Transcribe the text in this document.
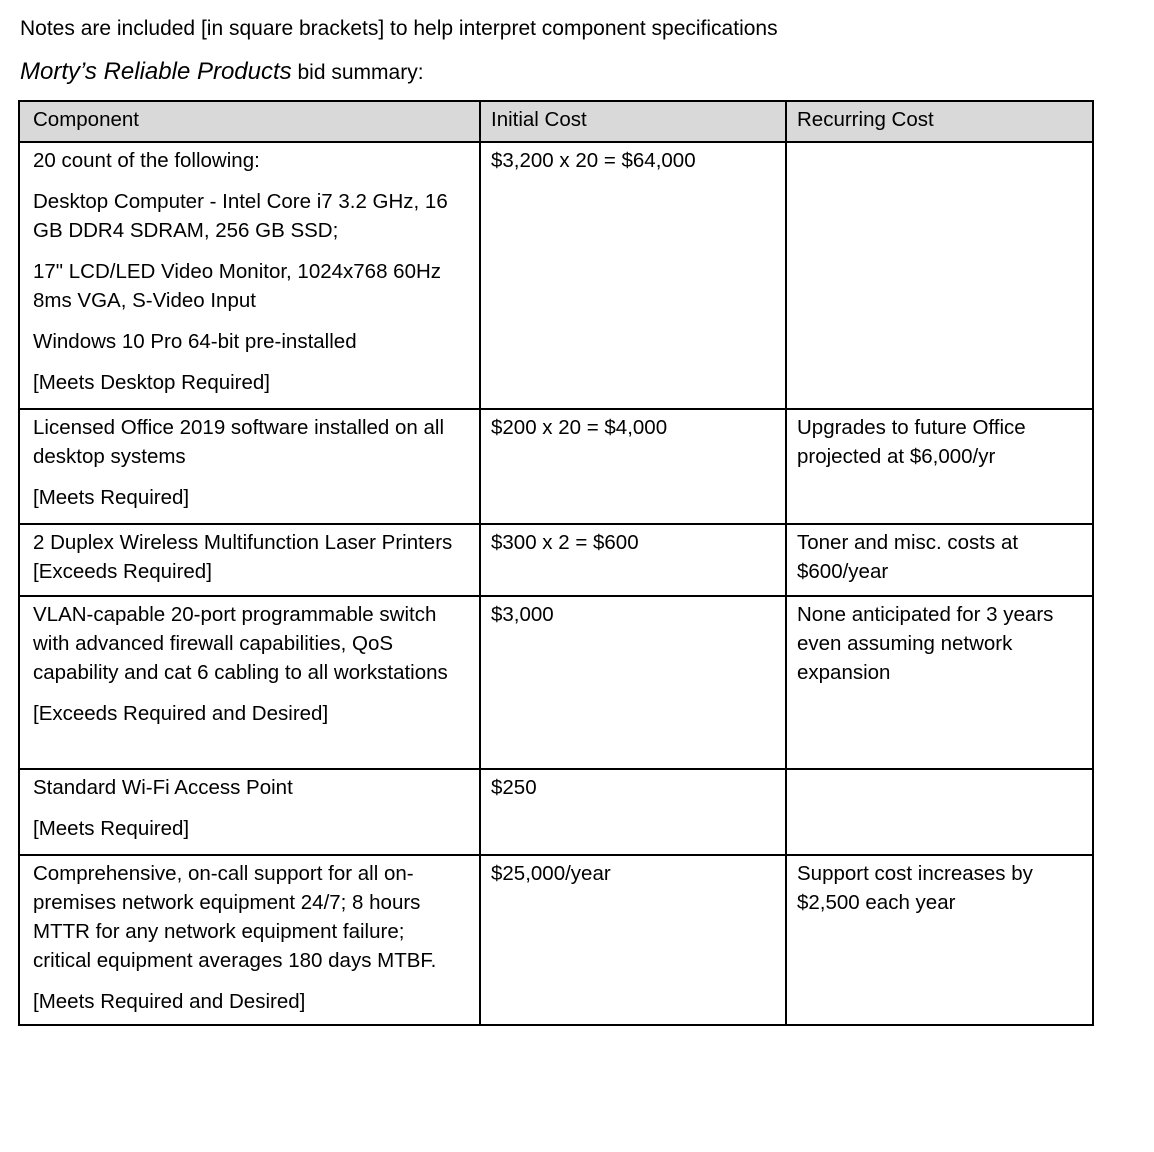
Notes are included [in square brackets] to help interpret component specifications
Morty’s Reliable Products bid summary:
Component	Initial Cost	Recurring Cost

20 count of the following:
Desktop Computer - Intel Core i7 3.2 GHz, 16 GB DDR4 SDRAM, 256 GB SSD;
17" LCD/LED Video Monitor, 1024x768 60Hz 8ms VGA, S-Video Input
Windows 10 Pro 64-bit pre-installed
[Meets Desktop Required]	$3,200 x 20 = $64,000	

Licensed Office 2019 software installed on all desktop systems
[Meets Required]	$200 x 20 = $4,000	Upgrades to future Office projected at $6,000/yr

2 Duplex Wireless Multifunction Laser Printers [Exceeds Required]	$300 x 2 = $600	Toner and misc. costs at $600/year

VLAN-capable 20-port programmable switch with advanced firewall capabilities, QoS capability and cat 6 cabling to all workstations
[Exceeds Required and Desired]	$3,000	None anticipated for 3 years even assuming network expansion

Standard Wi-Fi Access Point
[Meets Required]	$250	

Comprehensive, on-call support for all on-premises network equipment 24/7; 8 hours MTTR for any network equipment failure; critical equipment averages 180 days MTBF.
[Meets Required and Desired]	$25,000/year	Support cost increases by $2,500 each year
